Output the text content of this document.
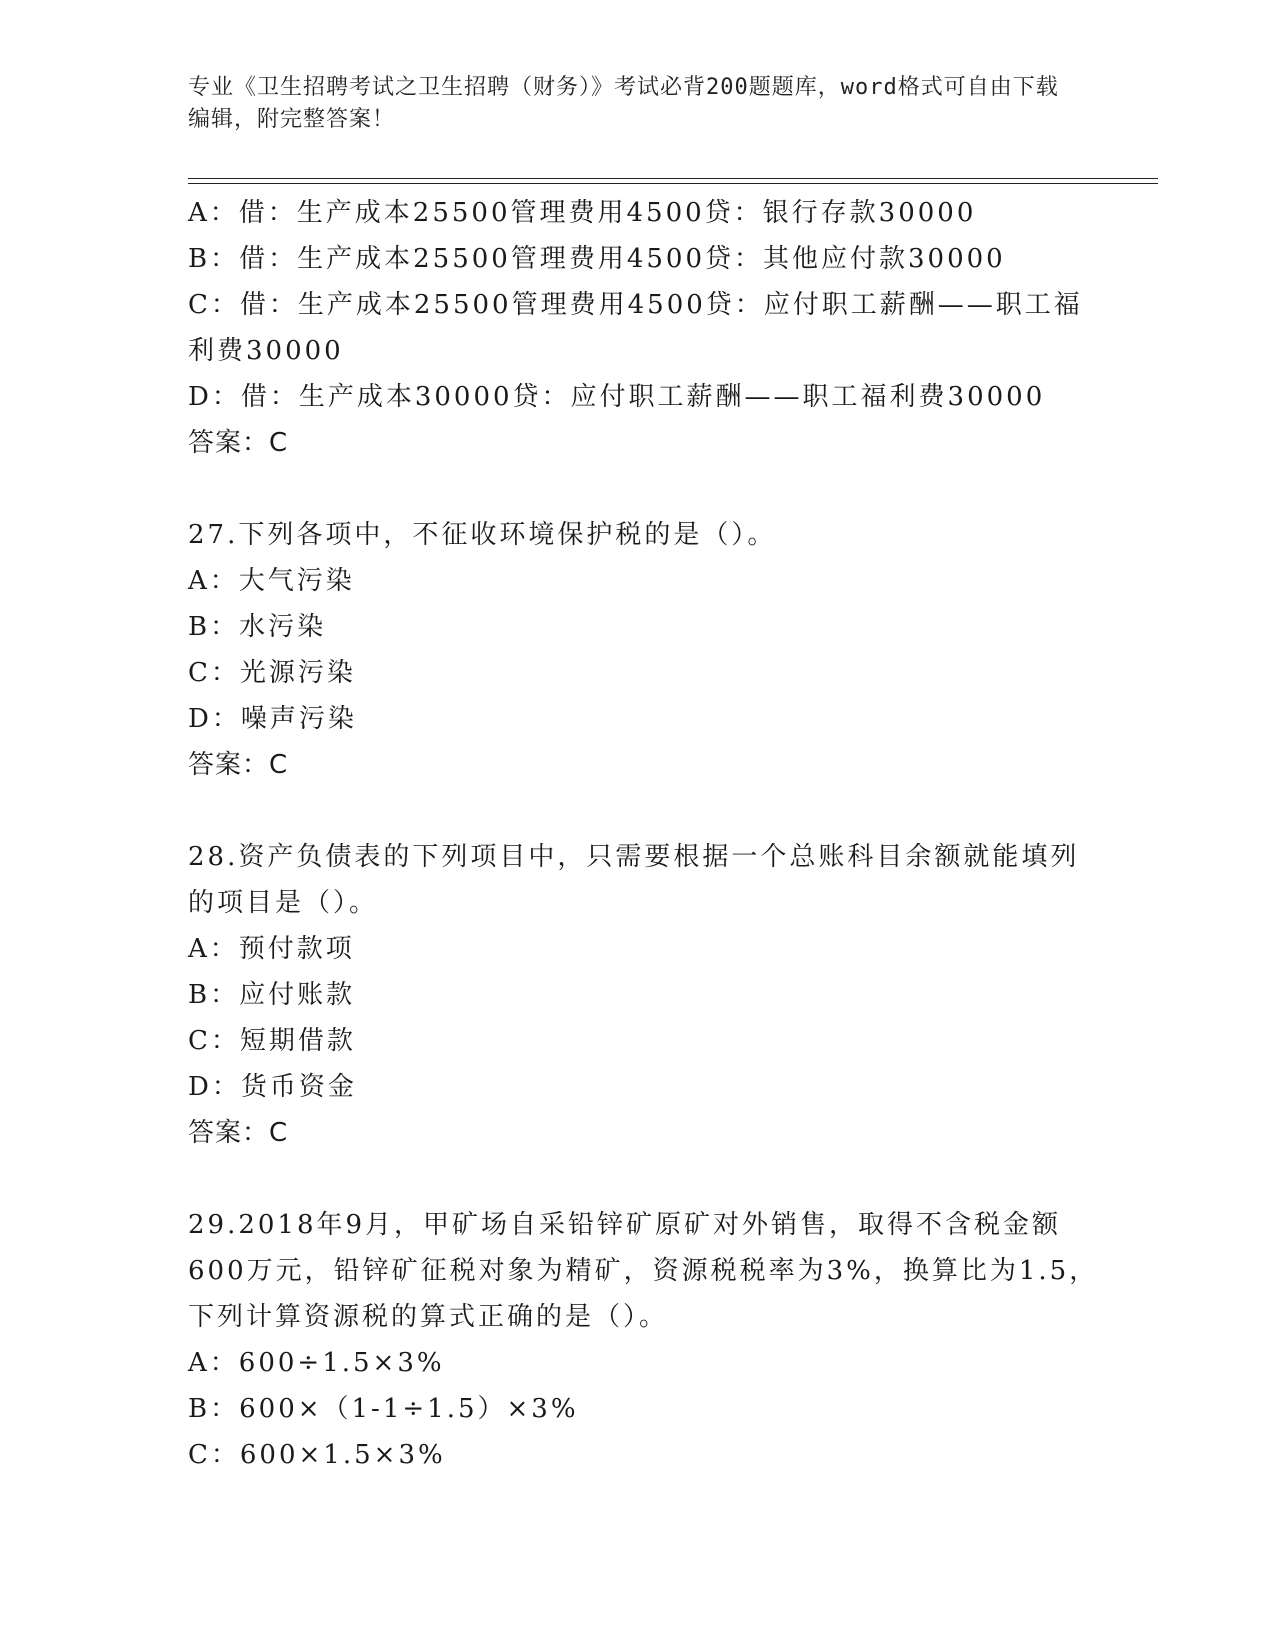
专业《卫生招聘考试之卫生招聘（财务）》考试必背200题题库，word格式可自由下载编辑，附完整答案！
A：借：生产成本25500管理费用4500贷：银行存款30000
B：借：生产成本25500管理费用4500贷：其他应付款30000
C：借：生产成本25500管理费用4500贷：应付职工薪酬——职工福
利费30000
D：借：生产成本30000贷：应付职工薪酬——职工福利费30000
答案：C
27.下列各项中，不征收环境保护税的是（）。
A：大气污染
B：水污染
C：光源污染
D：噪声污染
答案：C
28.资产负债表的下列项目中，只需要根据一个总账科目余额就能填列
的项目是（）。
A：预付款项
B：应付账款
C：短期借款
D：货币资金
答案：C
29.2018年9月，甲矿场自采铅锌矿原矿对外销售，取得不含税金额
600万元，铅锌矿征税对象为精矿，资源税税率为3%，换算比为1.5，
下列计算资源税的算式正确的是（）。
A：600÷1.5×3%
B：600×（1-1÷1.5）×3%
C：600×1.5×3%
